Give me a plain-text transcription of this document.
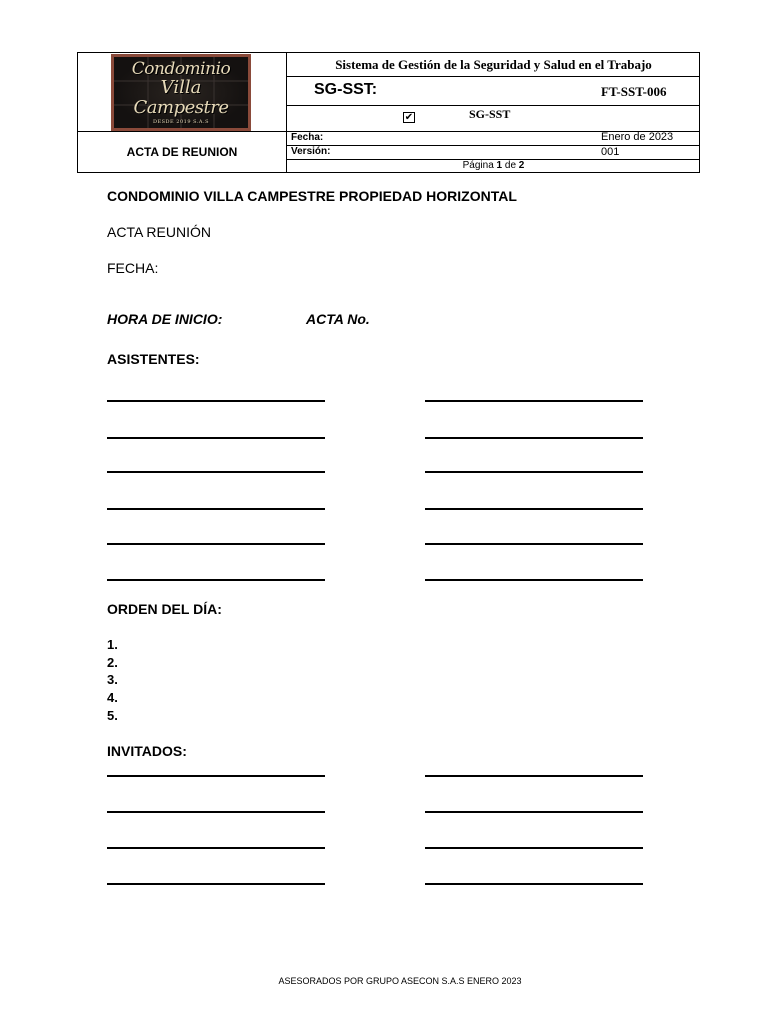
Condominio
Villa
Campestre
DESDE 2019 S.A.S
Sistema de Gestión de la Seguridad y Salud en el Trabajo
SG-SST:	FT-SST-006
✔	SG-SST
ACTA DE REUNION
Fecha:	Enero de 2023
Versión:	001
Página 1 de 2
CONDOMINIO VILLA CAMPESTRE PROPIEDAD HORIZONTAL
ACTA REUNIÓN
FECHA:
HORA DE INICIO:	ACTA No.
ASISTENTES:
ORDEN DEL DÍA:
1.
2.
3.
4.
5.
INVITADOS:
ASESORADOS POR GRUPO ASECON S.A.S ENERO 2023
